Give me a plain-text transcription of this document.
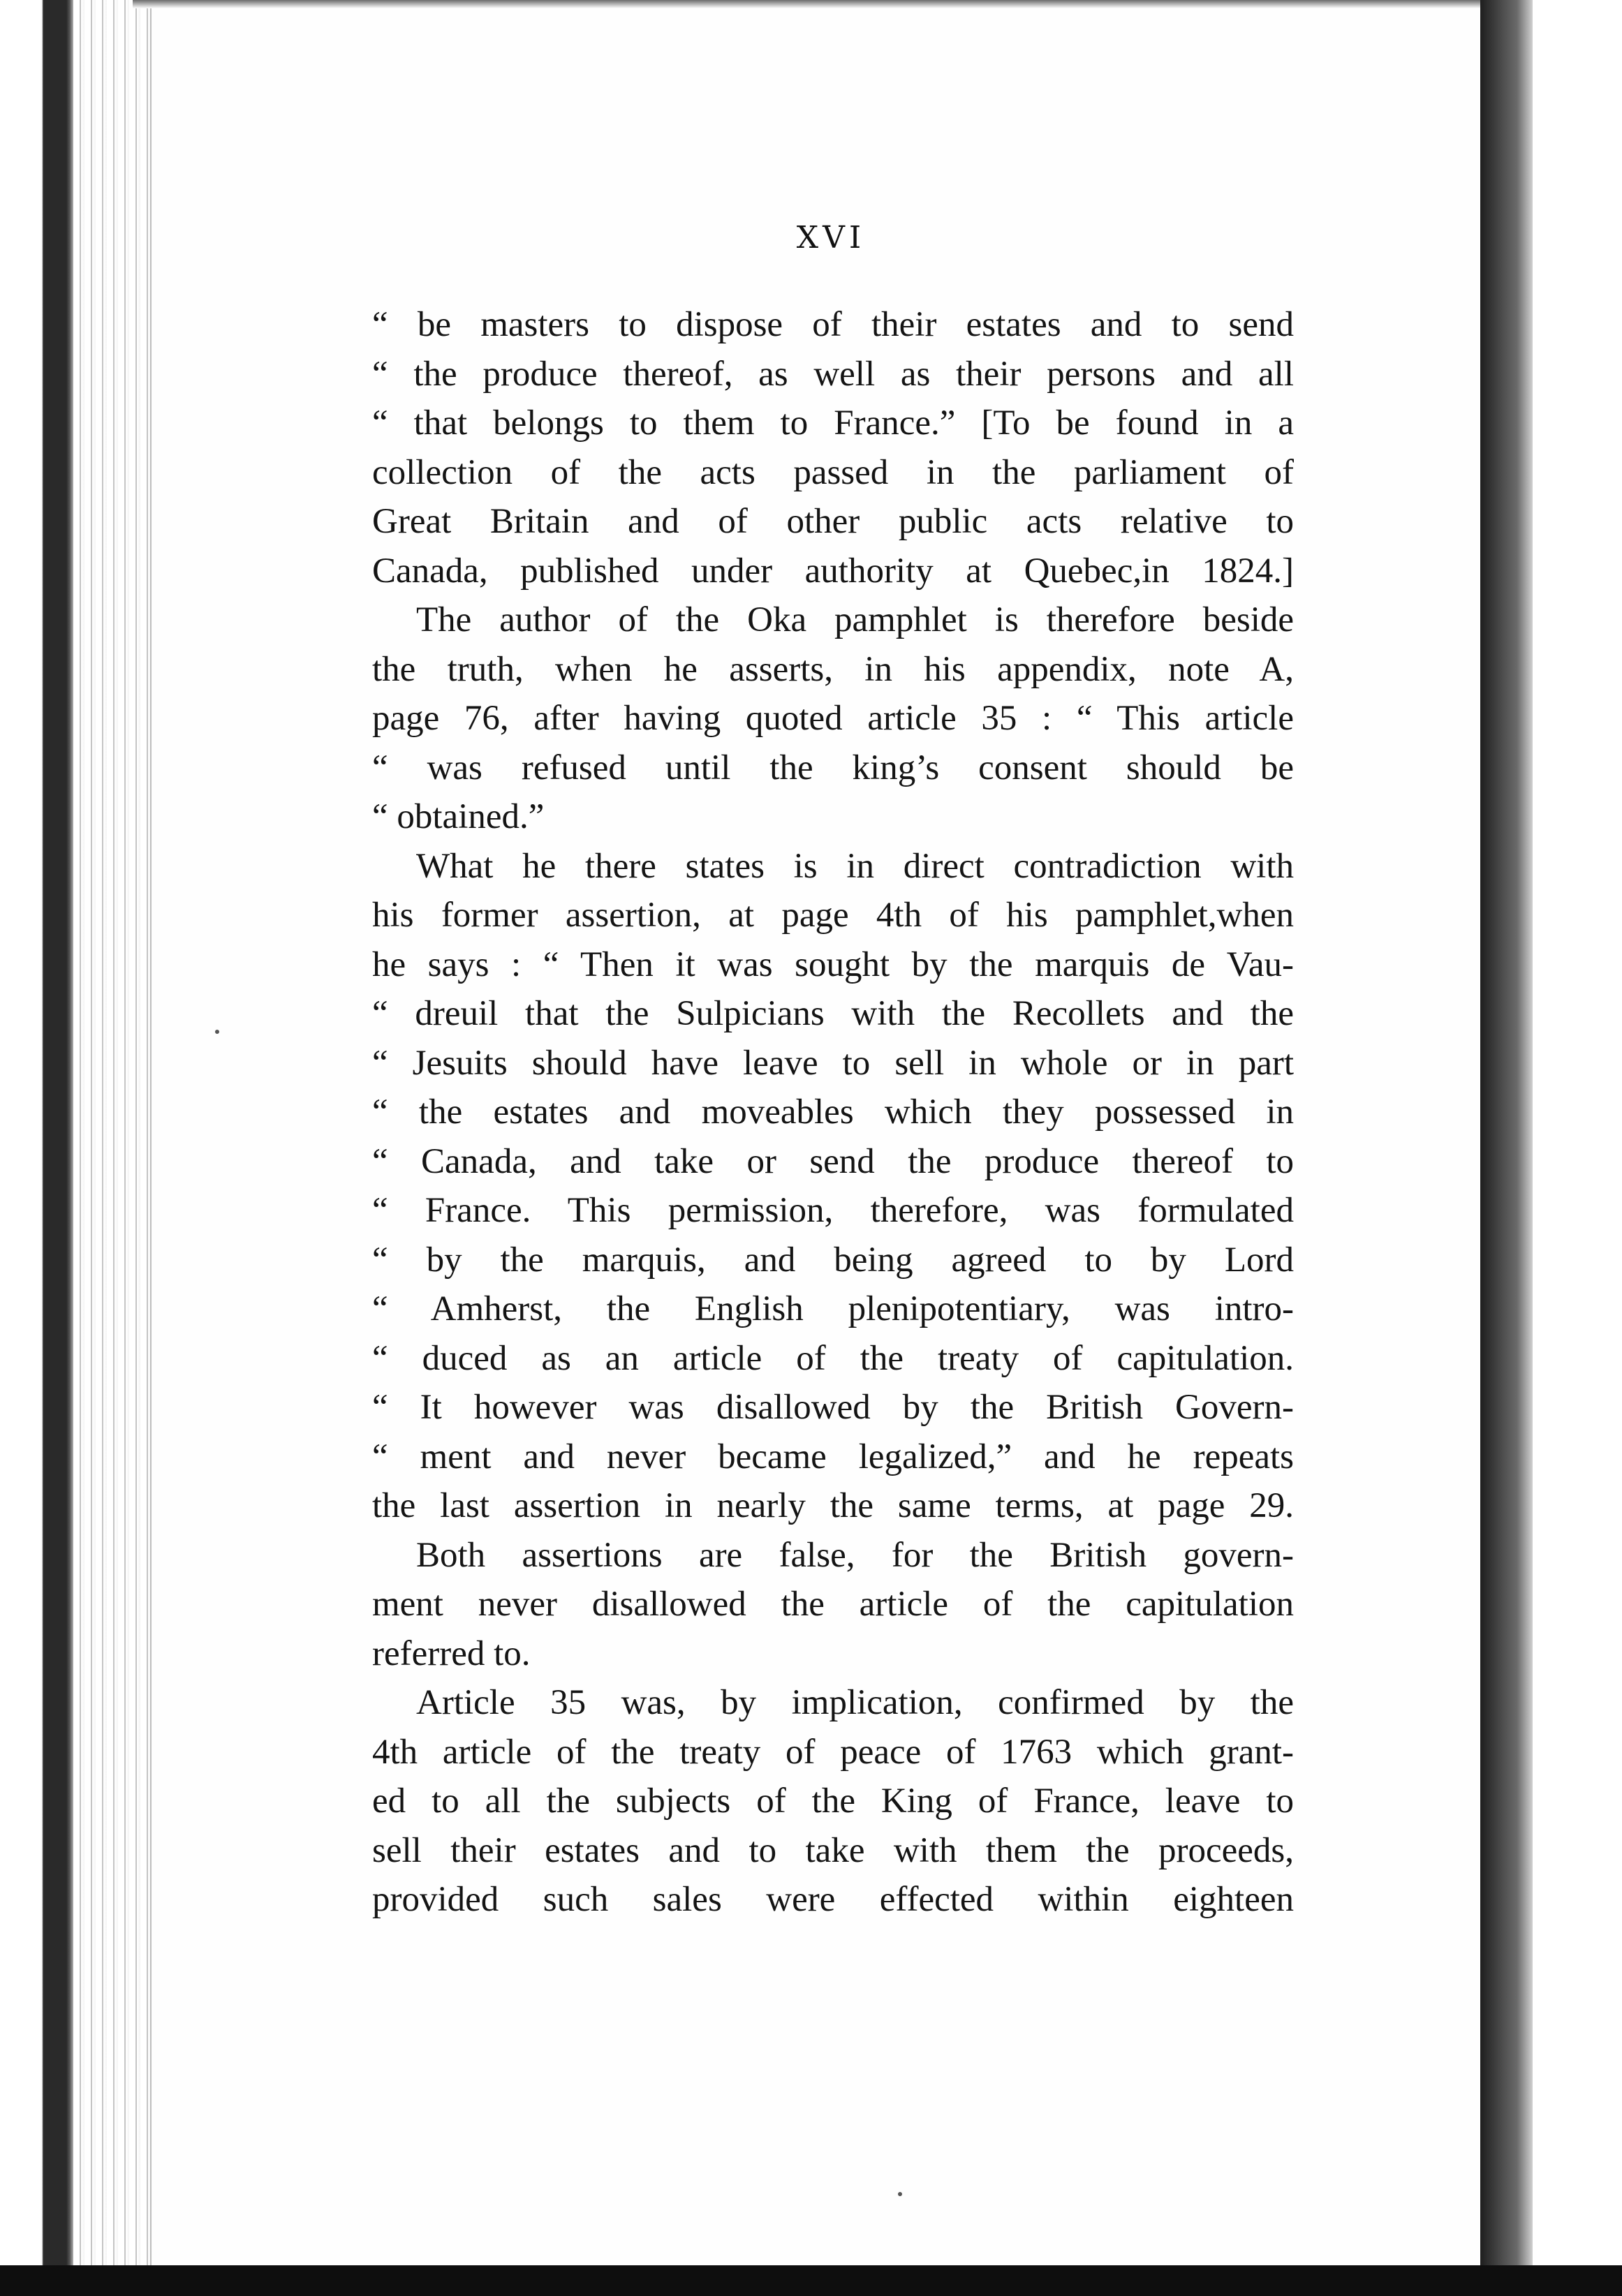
XVI
“ be masters to dispose of their estates and to send
“ the produce thereof, as well as their persons and all
“ that belongs to them to France.” [To be found in a
collection of the acts passed in the parliament of
Great Britain and of other public acts relative to
Canada, published under authority at Quebec,in 1824.]
The author of the Oka pamphlet is therefore beside
the truth, when he asserts, in his appendix, note A,
page 76, after having quoted article 35 : “ This article
“ was refused until the king’s consent should be
“ obtained.”
What he there states is in direct contradiction with
his former assertion, at page 4th of his pamphlet,when
he says : “ Then it was sought by the marquis de Vau-
“ dreuil that the Sulpicians with the Recollets and the
“ Jesuits should have leave to sell in whole or in part
“ the estates and moveables which they possessed in
“ Canada, and take or send the produce thereof to
“ France. This permission, therefore, was formulated
“ by the marquis, and being agreed to by Lord
“ Amherst, the English plenipotentiary, was intro-
“ duced as an article of the treaty of capitulation.
“ It however was disallowed by the British Govern-
“ ment and never became legalized,” and he repeats
the last assertion in nearly the same terms, at page 29.
Both assertions are false, for the British govern-
ment never disallowed the article of the capitulation
referred to.
Article 35 was, by implication, confirmed by the
4th article of the treaty of peace of 1763 which grant-
ed to all the subjects of the King of France, leave to
sell their estates and to take with them the proceeds,
provided such sales were effected within eighteen
